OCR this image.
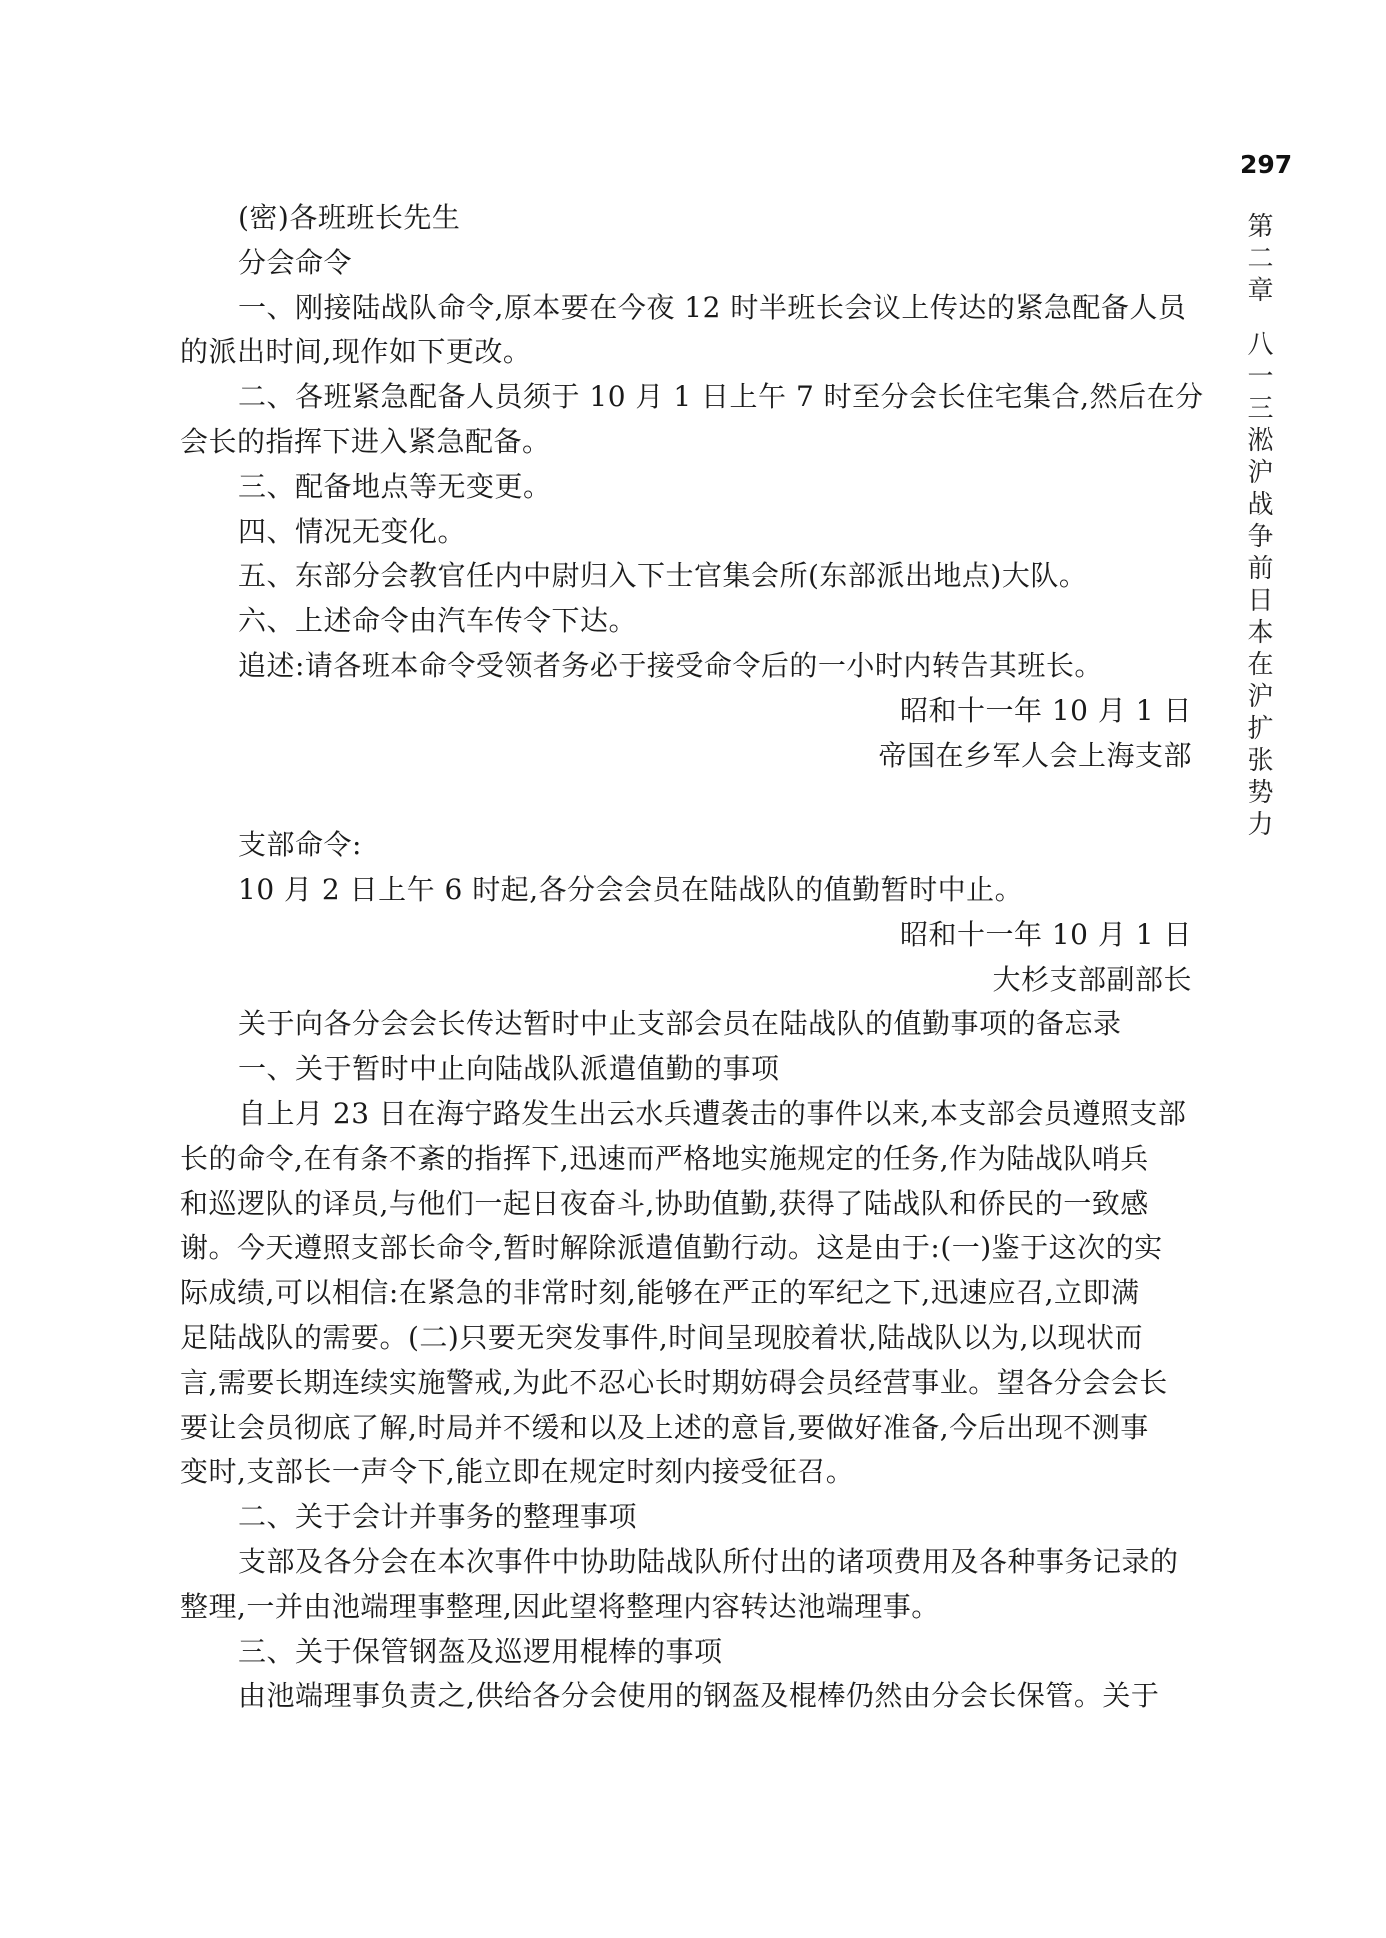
297
第二章八一三淞沪战争前日本在沪扩张势力
(密)各班班长先生
分会命令
一、刚接陆战队命令,原本要在今夜 12 时半班长会议上传达的紧急配备人员
的派出时间,现作如下更改。
二、各班紧急配备人员须于 10 月 1 日上午 7 时至分会长住宅集合,然后在分
会长的指挥下进入紧急配备。
三、配备地点等无变更。
四、情况无变化。
五、东部分会教官任内中尉归入下士官集会所(东部派出地点)大队。
六、上述命令由汽车传令下达。
追述:请各班本命令受领者务必于接受命令后的一小时内转告其班长。
昭和十一年 10 月 1 日
帝国在乡军人会上海支部
支部命令:
10 月 2 日上午 6 时起,各分会会员在陆战队的值勤暂时中止。
昭和十一年 10 月 1 日
大杉支部副部长
关于向各分会会长传达暂时中止支部会员在陆战队的值勤事项的备忘录
一、关于暂时中止向陆战队派遣值勤的事项
自上月 23 日在海宁路发生出云水兵遭袭击的事件以来,本支部会员遵照支部
长的命令,在有条不紊的指挥下,迅速而严格地实施规定的任务,作为陆战队哨兵
和巡逻队的译员,与他们一起日夜奋斗,协助值勤,获得了陆战队和侨民的一致感
谢。今天遵照支部长命令,暂时解除派遣值勤行动。这是由于:(一)鉴于这次的实
际成绩,可以相信:在紧急的非常时刻,能够在严正的军纪之下,迅速应召,立即满
足陆战队的需要。(二)只要无突发事件,时间呈现胶着状,陆战队以为,以现状而
言,需要长期连续实施警戒,为此不忍心长时期妨碍会员经营事业。望各分会会长
要让会员彻底了解,时局并不缓和以及上述的意旨,要做好准备,今后出现不测事
变时,支部长一声令下,能立即在规定时刻内接受征召。
二、关于会计并事务的整理事项
支部及各分会在本次事件中协助陆战队所付出的诸项费用及各种事务记录的
整理,一并由池端理事整理,因此望将整理内容转达池端理事。
三、关于保管钢盔及巡逻用棍棒的事项
由池端理事负责之,供给各分会使用的钢盔及棍棒仍然由分会长保管。关于
